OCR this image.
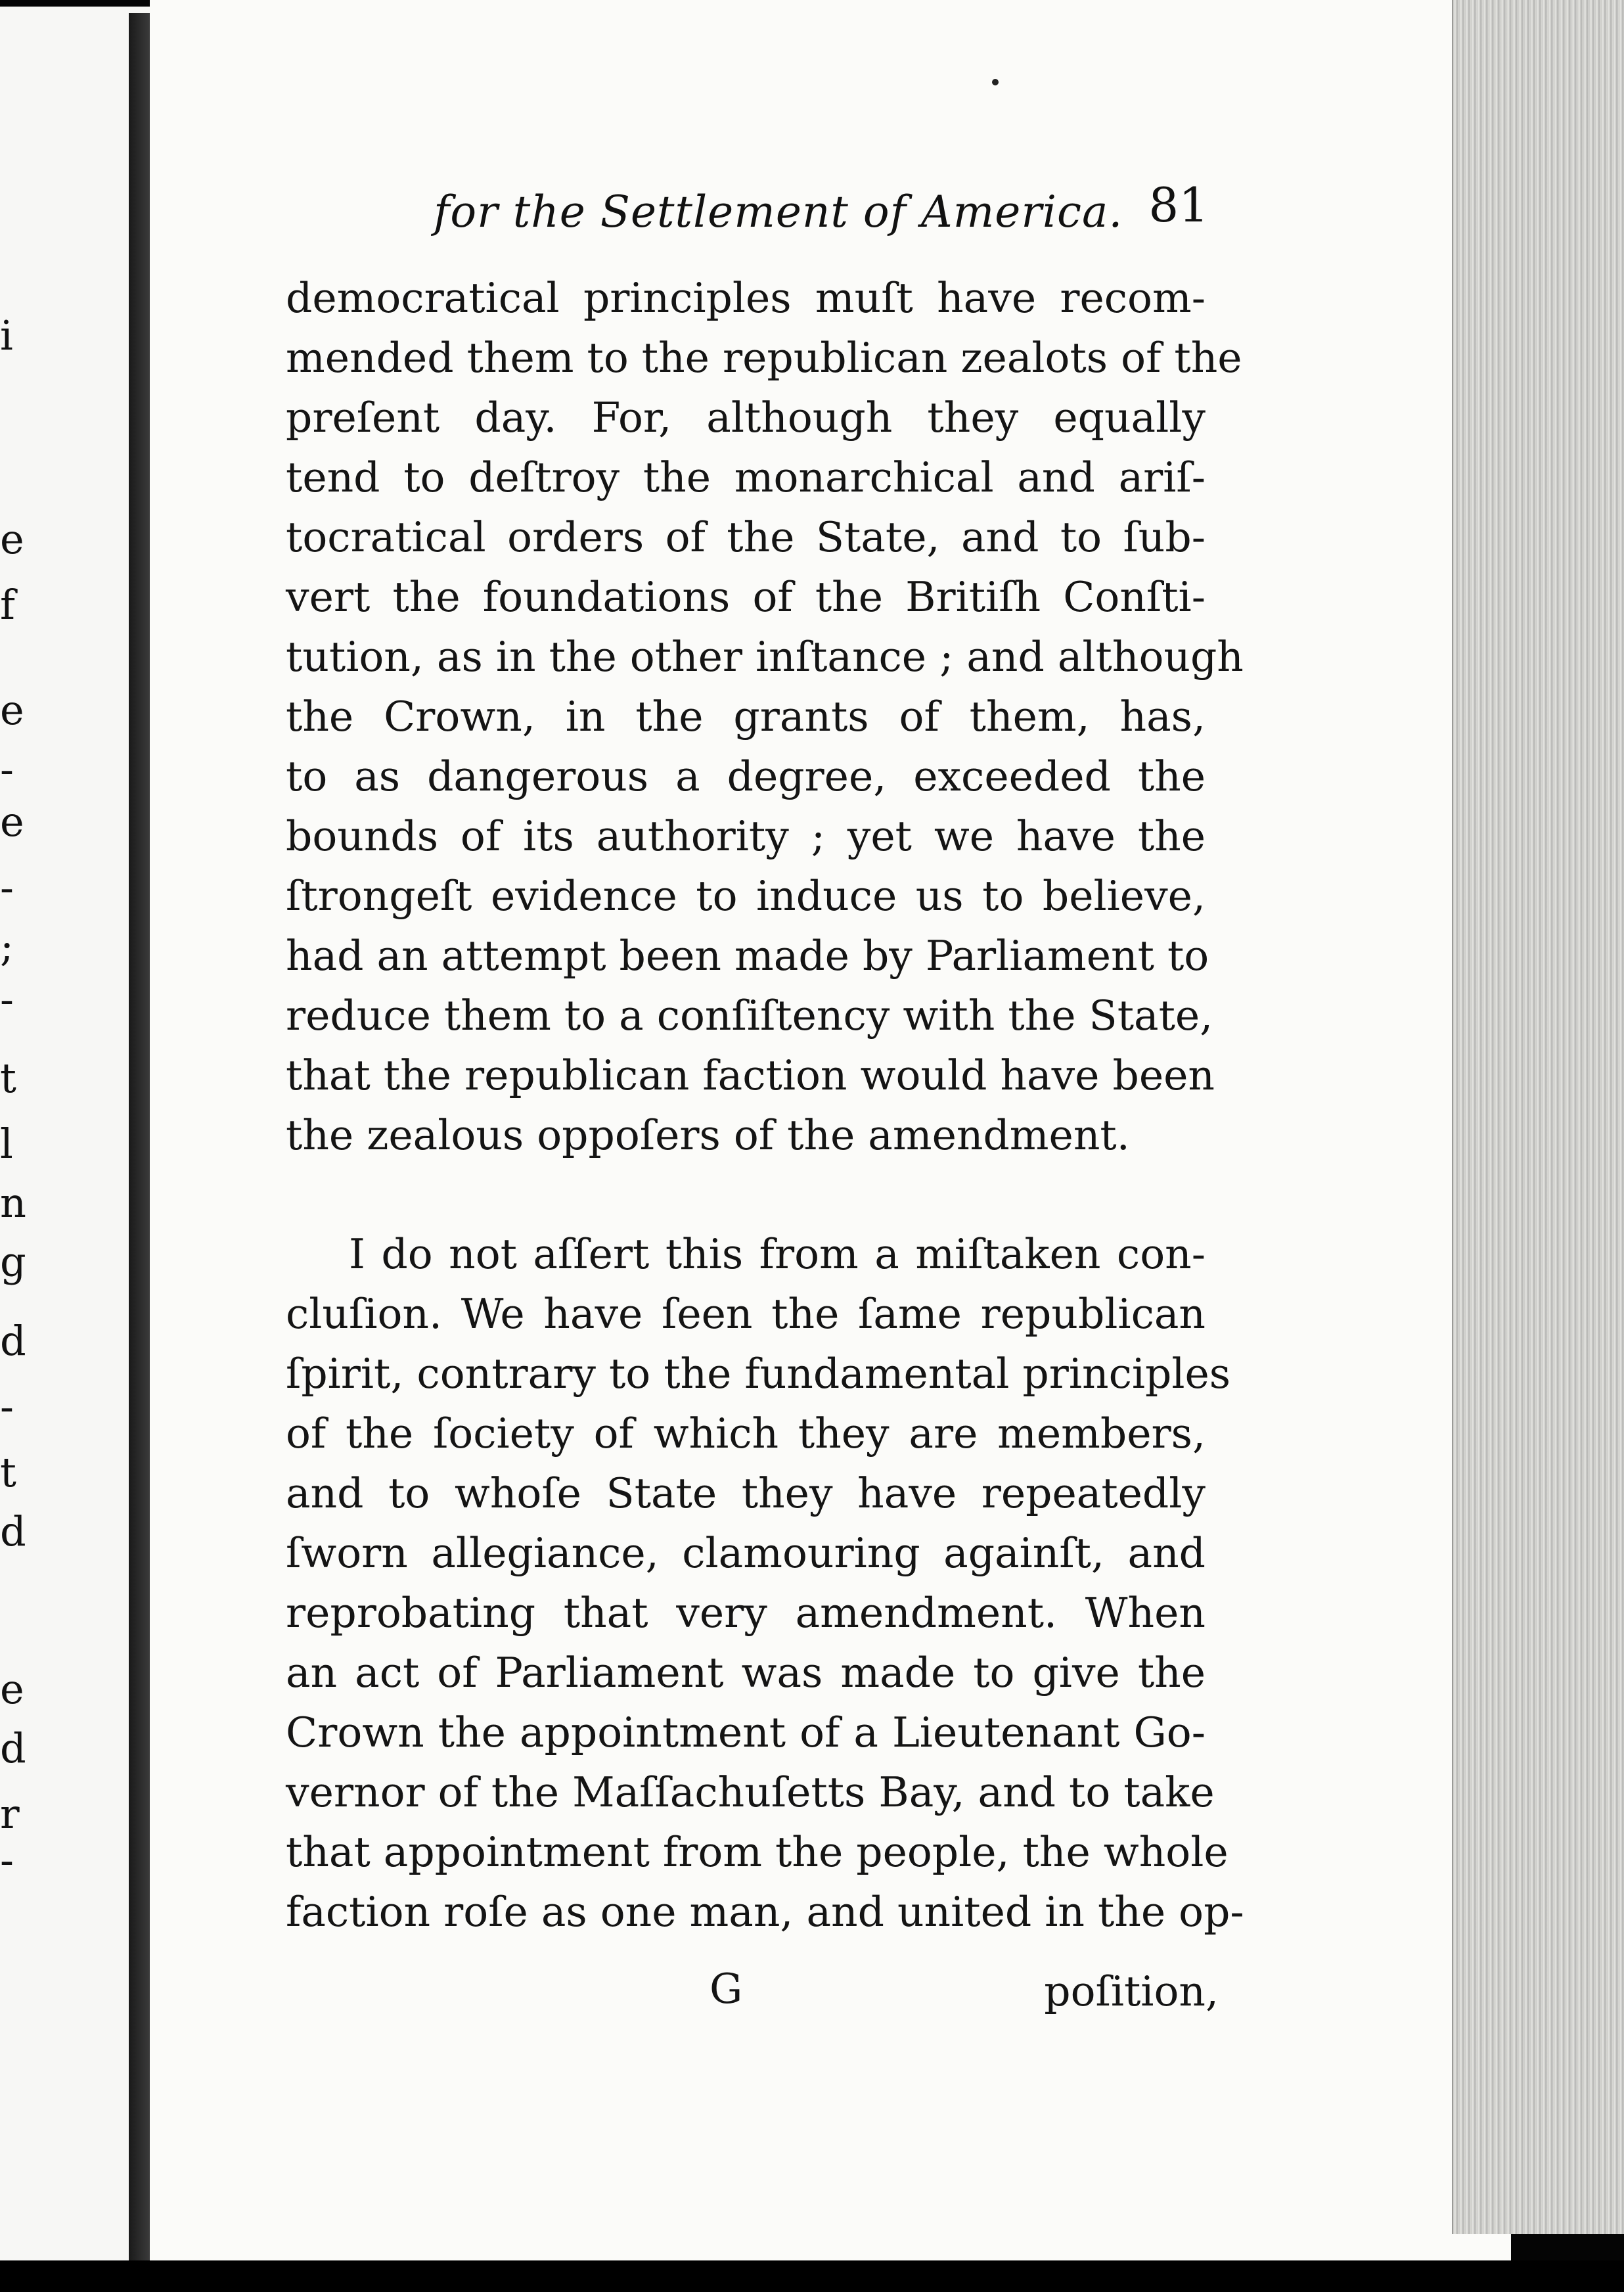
i
e
f
e
-
e
-
;
-
t
l
n
g
d
-
t
d
e
d
r
-
for the Settlement of America. 81
democratical principles muſt have recom-
mended them to the republican zealots of the
preſent day. For, although they equally
tend to deſtroy the monarchical and ariſ-
tocratical orders of the State, and to ſub-
vert the foundations of the Britiſh Conſti-
tution, as in the other inſtance ; and although
the Crown, in the grants of them, has,
to as dangerous a degree, exceeded the
bounds of its authority ; yet we have the
ſtrongeſt evidence to induce us to believe,
had an attempt been made by Parliament to
reduce them to a conſiſtency with the State,
that the republican faction would have been
the zealous oppoſers of the amendment.
I do not aſſert this from a miſtaken con-
cluſion. We have ſeen the ſame republican
ſpirit, contrary to the fundamental principles
of the ſociety of which they are members,
and to whoſe State they have repeatedly
ſworn allegiance, clamouring againſt, and
reprobating that very amendment. When
an act of Parliament was made to give the
Crown the appointment of a Lieutenant Go-
vernor of the Maſſachuſetts Bay, and to take
that appointment from the people, the whole
faction roſe as one man, and united in the op-
G	poſition,
